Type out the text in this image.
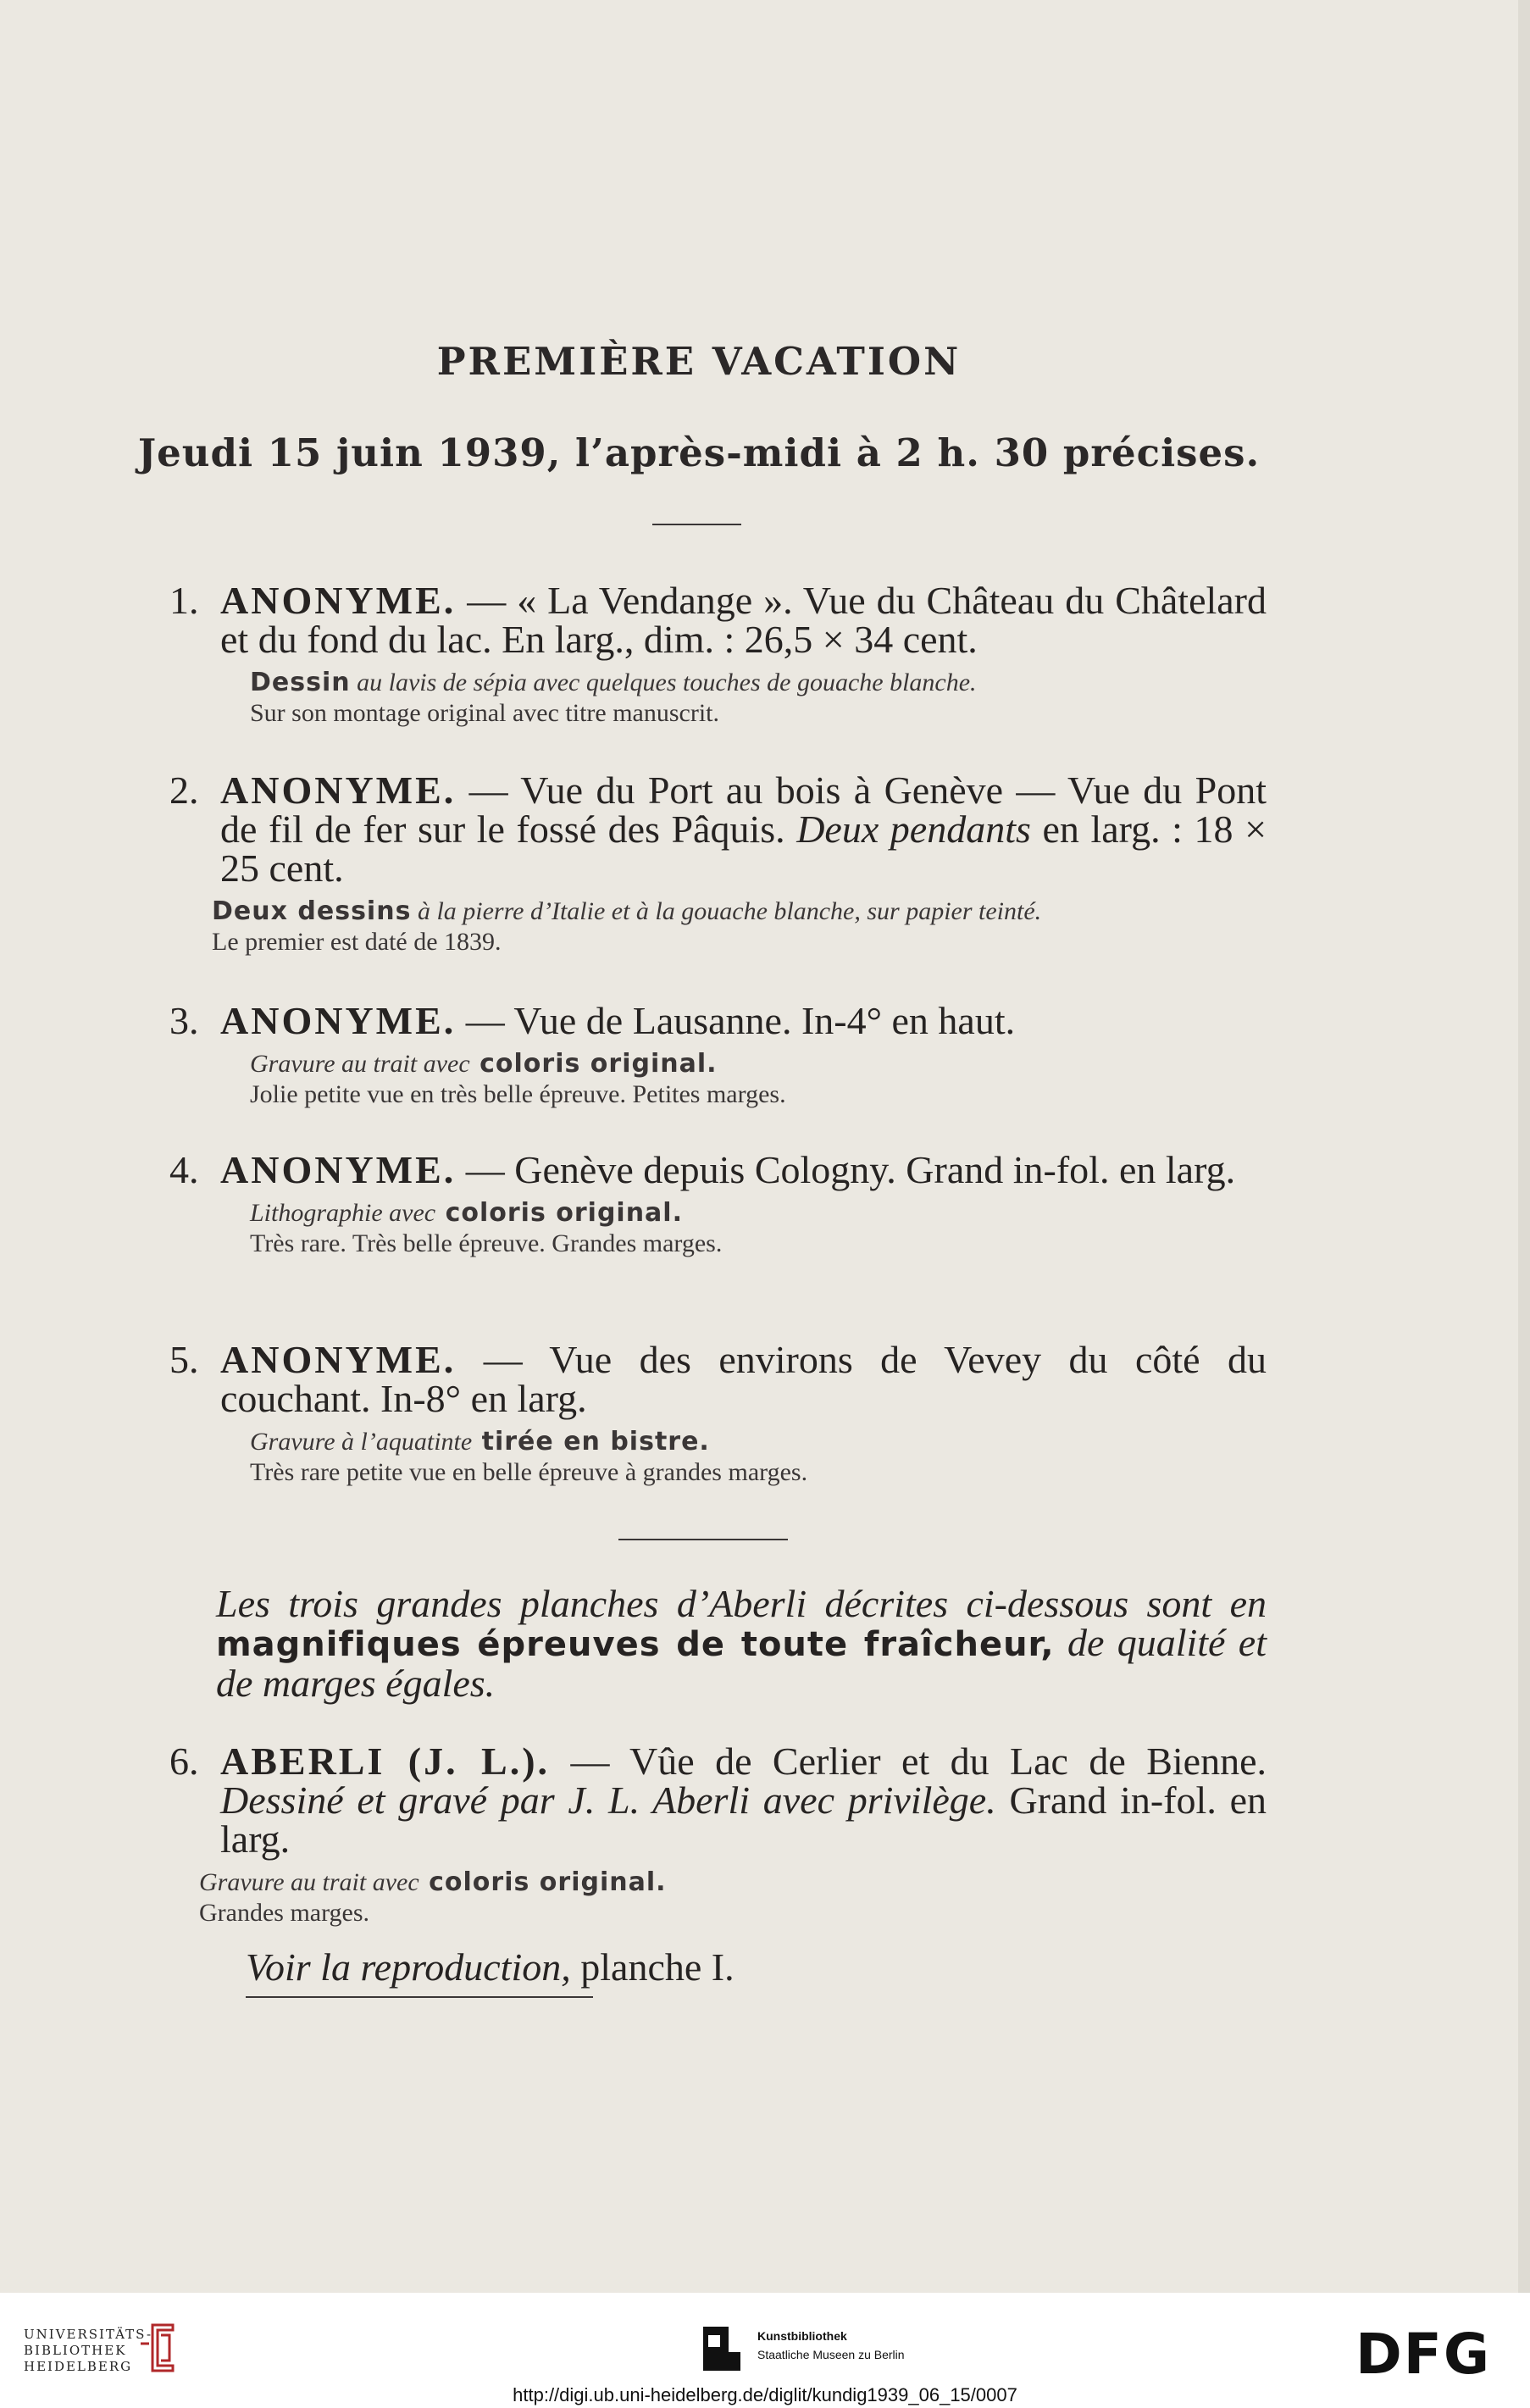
PREMIÈRE VACATION
Jeudi 15 juin 1939, l’après-midi à 2 h. 30 précises.
1. ANONYME. — « La Vendange ». Vue du Château du Châtelard et du fond du lac. En larg., dim. : 26,5 × 34 cent.
Dessin au lavis de sépia avec quelques touches de gouache blanche.
Sur son montage original avec titre manuscrit.
2. ANONYME. — Vue du Port au bois à Genève — Vue du Pont de fil de fer sur le fossé des Pâquis. Deux pendants en larg. : 18 × 25 cent.
Deux dessins à la pierre d’Italie et à la gouache blanche, sur papier teinté.
Le premier est daté de 1839.
3. ANONYME. — Vue de Lausanne. In-4° en haut.
Gravure au trait avec coloris original.
Jolie petite vue en très belle épreuve. Petites marges.
4. ANONYME. — Genève depuis Cologny. Grand in-fol. en larg.
Lithographie avec coloris original.
Très rare. Très belle épreuve. Grandes marges.
5. ANONYME. — Vue des environs de Vevey du côté du couchant. In-8° en larg.
Gravure à l’aquatinte tirée en bistre.
Très rare petite vue en belle épreuve à grandes marges.
Les trois grandes planches d’Aberli décrites ci-dessous sont en magnifiques épreuves de toute fraîcheur, de qualité et de marges égales.
6. ABERLI (J. L.). — Vûe de Cerlier et du Lac de Bienne. Dessiné et gravé par J. L. Aberli avec privilège. Grand in-fol. en larg.
Gravure au trait avec coloris original.
Grandes marges.
Voir la reproduction, planche I.
UNIVERSITÄTS-
BIBLIOTHEK
HEIDELBERG
Kunstbibliothek
Staatliche Museen zu Berlin	DFG
http://digi.ub.uni-heidelberg.de/diglit/kundig1939_06_15/0007
